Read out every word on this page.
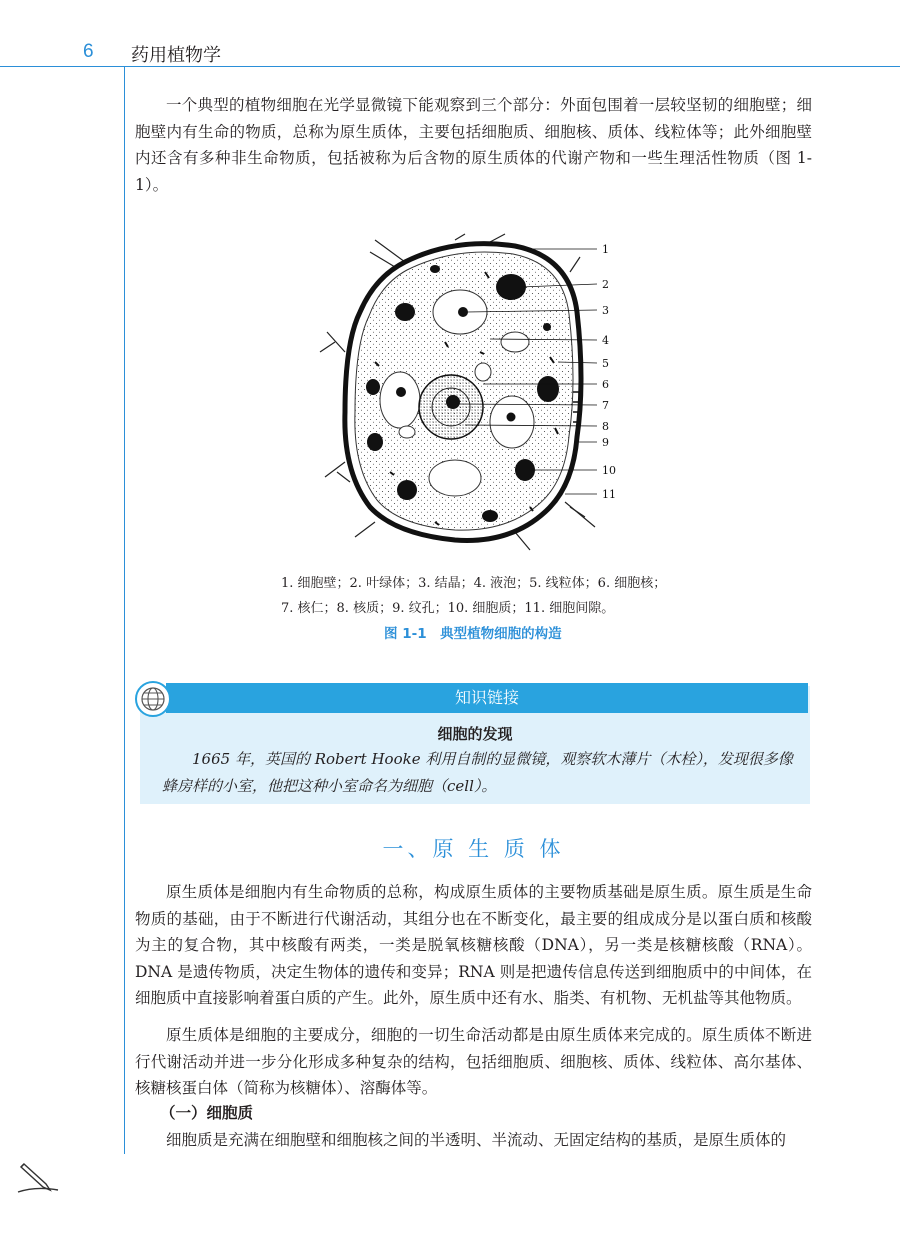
6 药用植物学

一个典型的植物细胞在光学显微镜下能观察到三个部分：外面包围着一层较坚韧的细胞壁；细胞壁内有生命的物质，总称为原生质体，主要包括细胞质、细胞核、质体、线粒体等；此外细胞壁内还含有多种非生命物质，包括被称为后含物的原生质体的代谢产物和一些生理活性物质（图 1-1）。

1
2
3
4
5
6
7
8
9
10
11
1. 细胞壁；2. 叶绿体；3. 结晶；4. 液泡；5. 线粒体；6. 细胞核；
7. 核仁；8. 核质；9. 纹孔；10. 细胞质；11. 细胞间隙。
图 1-1　典型植物细胞的构造
知识链接
细胞的发现

1665 年，英国的 Robert Hooke 利用自制的显微镜，观察软木薄片（木栓），发现很多像蜂房样的小室，他把这种小室命名为细胞（cell）。

一、原 生 质 体

原生质体是细胞内有生命物质的总称，构成原生质体的主要物质基础是原生质。原生质是生命物质的基础，由于不断进行代谢活动，其组分也在不断变化，最主要的组成成分是以蛋白质和核酸为主的复合物，其中核酸有两类，一类是脱氧核糖核酸（DNA），另一类是核糖核酸（RNA）。DNA 是遗传物质，决定生物体的遗传和变异；RNA 则是把遗传信息传送到细胞质中的中间体，在细胞质中直接影响着蛋白质的产生。此外，原生质中还有水、脂类、有机物、无机盐等其他物质。

原生质体是细胞的主要成分，细胞的一切生命活动都是由原生质体来完成的。原生质体不断进行代谢活动并进一步分化形成多种复杂的结构，包括细胞质、细胞核、质体、线粒体、高尔基体、核糖核蛋白体（简称为核糖体）、溶酶体等。

（一）细胞质

细胞质是充满在细胞壁和细胞核之间的半透明、半流动、无固定结构的基质，是原生质体的
